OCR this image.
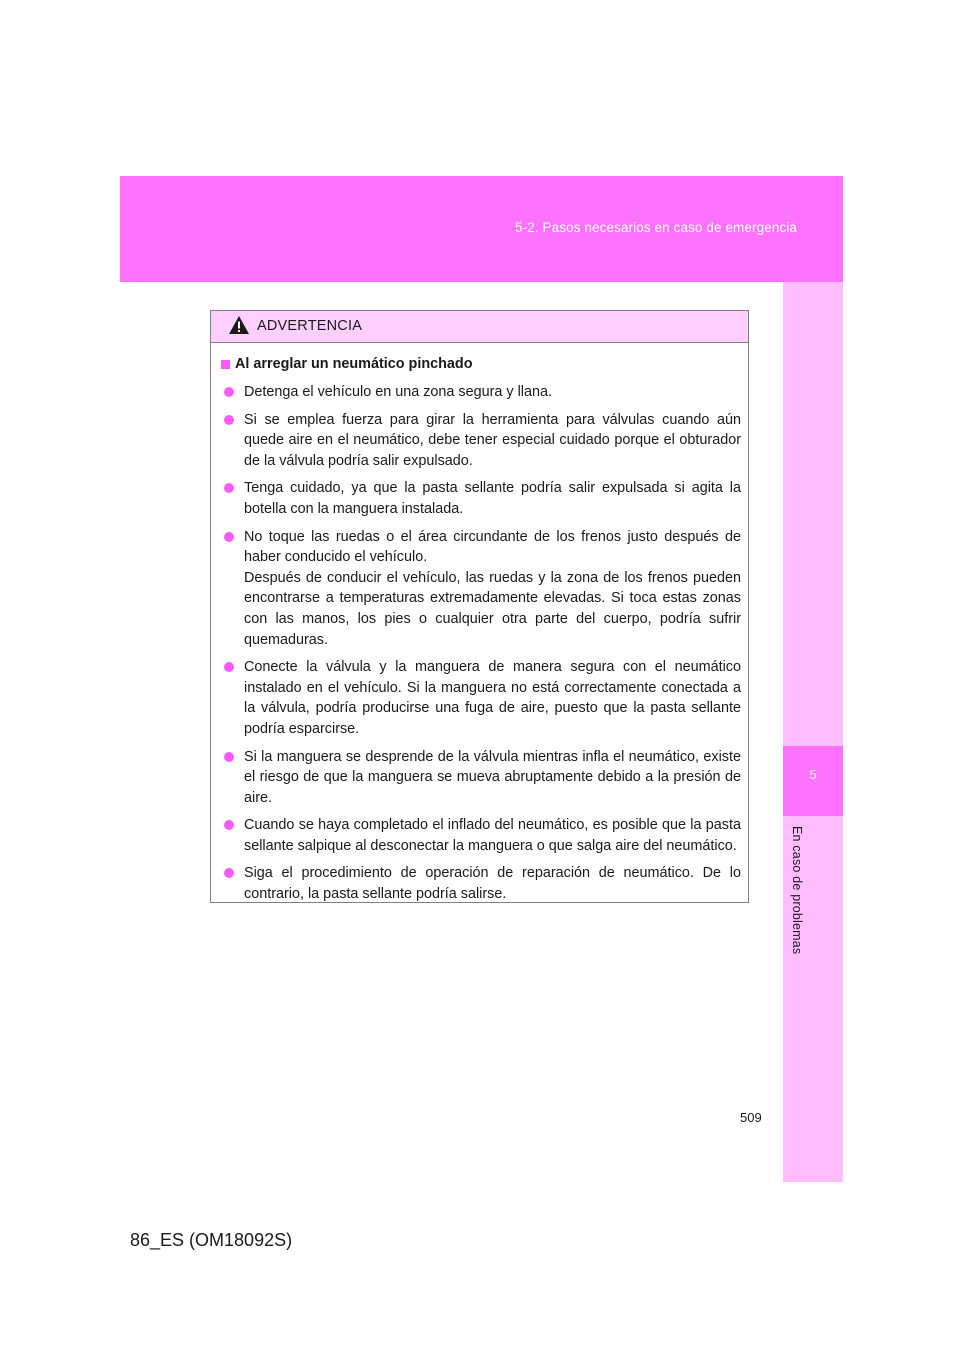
5-2. Pasos necesarios en caso de emergencia
5
En caso de problemas
ADVERTENCIA
Al arreglar un neumático pinchado
Detenga el vehículo en una zona segura y llana.
Si se emplea fuerza para girar la herramienta para válvulas cuando aún quede aire en el neumático, debe tener especial cuidado porque el obturador de la válvula podría salir expulsado.
Tenga cuidado, ya que la pasta sellante podría salir expulsada si agita la botella con la manguera instalada.
No toque las ruedas o el área circundante de los frenos justo después de haber conducido el vehículo.
Después de conducir el vehículo, las ruedas y la zona de los frenos pueden encontrarse a temperaturas extremadamente elevadas. Si toca estas zonas con las manos, los pies o cualquier otra parte del cuerpo, podría sufrir quemaduras.
Conecte la válvula y la manguera de manera segura con el neumático instalado en el vehículo. Si la manguera no está correctamente conectada a la válvula, podría producirse una fuga de aire, puesto que la pasta sellante podría esparcirse.
Si la manguera se desprende de la válvula mientras infla el neumático, existe el riesgo de que la manguera se mueva abruptamente debido a la presión de aire.
Cuando se haya completado el inflado del neumático, es posible que la pasta sellante salpique al desconectar la manguera o que salga aire del neumático.
Siga el procedimiento de operación de reparación de neumático. De lo contrario, la pasta sellante podría salirse.
509
86_ES (OM18092S)
